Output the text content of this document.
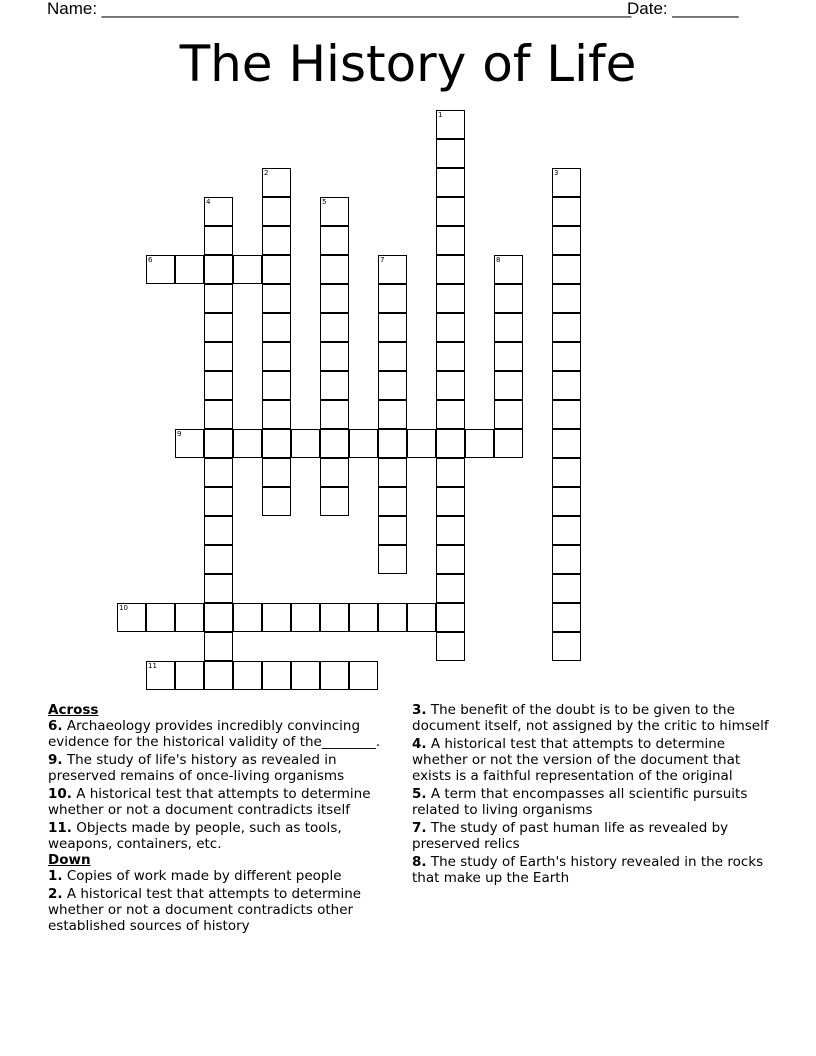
Name: ________________________________________________________
Date: _______
The History of Life
1
2	3
4	5
6	7	8
9
10
11
Across
6. Archaeology provides incredibly convincing evidence for the historical validity of the________.
9. The study of life's history as revealed in preserved remains of once-living organisms
10. A historical test that attempts to determine whether or not a document contradicts itself
11. Objects made by people, such as tools, weapons, containers, etc.
Down
1. Copies of work made by different people
2. A historical test that attempts to determine whether or not a document contradicts other established sources of history
3. The benefit of the doubt is to be given to the document itself, not assigned by the critic to himself
4. A historical test that attempts to determine whether or not the version of the document that exists is a faithful representation of the original
5. A term that encompasses all scientific pursuits related to living organisms
7. The study of past human life as revealed by preserved relics
8. The study of Earth's history revealed in the rocks that make up the Earth
